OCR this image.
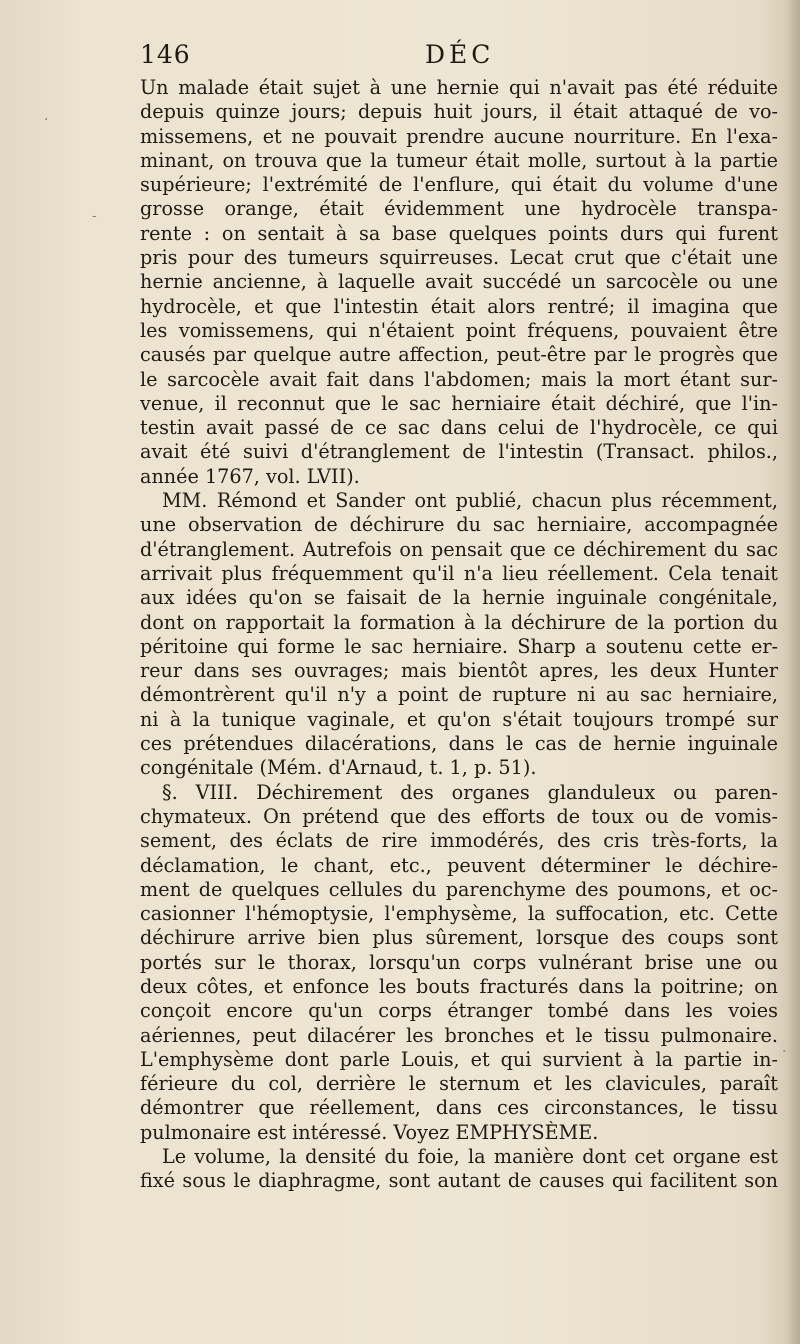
146	DÉC
Un malade était sujet à une hernie qui n'avait pas été réduite
depuis quinze jours; depuis huit jours, il était attaqué de vo-
missemens, et ne pouvait prendre aucune nourriture. En l'exa-
minant, on trouva que la tumeur était molle, surtout à la partie
supérieure; l'extrémité de l'enflure, qui était du volume d'une
grosse orange, était évidemment une hydrocèle transpa-
rente : on sentait à sa base quelques points durs qui furent
pris pour des tumeurs squirreuses. Lecat crut que c'était une
hernie ancienne, à laquelle avait succédé un sarcocèle ou une
hydrocèle, et que l'intestin était alors rentré; il imagina que
les vomissemens, qui n'étaient point fréquens, pouvaient être
causés par quelque autre affection, peut-être par le progrès que
le sarcocèle avait fait dans l'abdomen; mais la mort étant sur-
venue, il reconnut que le sac herniaire était déchiré, que l'in-
testin avait passé de ce sac dans celui de l'hydrocèle, ce qui
avait été suivi d'étranglement de l'intestin (Transact. philos.,
année 1767, vol. LVII).
MM. Rémond et Sander ont publié, chacun plus récemment,
une observation de déchirure du sac herniaire, accompagnée
d'étranglement. Autrefois on pensait que ce déchirement du sac
arrivait plus fréquemment qu'il n'a lieu réellement. Cela tenait
aux idées qu'on se faisait de la hernie inguinale congénitale,
dont on rapportait la formation à la déchirure de la portion du
péritoine qui forme le sac herniaire. Sharp a soutenu cette er-
reur dans ses ouvrages; mais bientôt apres, les deux Hunter
démontrèrent qu'il n'y a point de rupture ni au sac herniaire,
ni à la tunique vaginale, et qu'on s'était toujours trompé sur
ces prétendues dilacérations, dans le cas de hernie inguinale
congénitale (Mém. d'Arnaud, t. 1, p. 51).
§. VIII. Déchirement des organes glanduleux ou paren-
chymateux. On prétend que des efforts de toux ou de vomis-
sement, des éclats de rire immodérés, des cris très-forts, la
déclamation, le chant, etc., peuvent déterminer le déchire-
ment de quelques cellules du parenchyme des poumons, et oc-
casionner l'hémoptysie, l'emphysème, la suffocation, etc. Cette
déchirure arrive bien plus sûrement, lorsque des coups sont
portés sur le thorax, lorsqu'un corps vulnérant brise une ou
deux côtes, et enfonce les bouts fracturés dans la poitrine; on
conçoit encore qu'un corps étranger tombé dans les voies
aériennes, peut dilacérer les bronches et le tissu pulmonaire.
L'emphysème dont parle Louis, et qui survient à la partie in-
férieure du col, derrière le sternum et les clavicules, paraît
démontrer que réellement, dans ces circonstances, le tissu
pulmonaire est intéressé. Voyez EMPHYSÈME.
Le volume, la densité du foie, la manière dont cet organe est
fixé sous le diaphragme, sont autant de causes qui facilitent son
·
-
·
